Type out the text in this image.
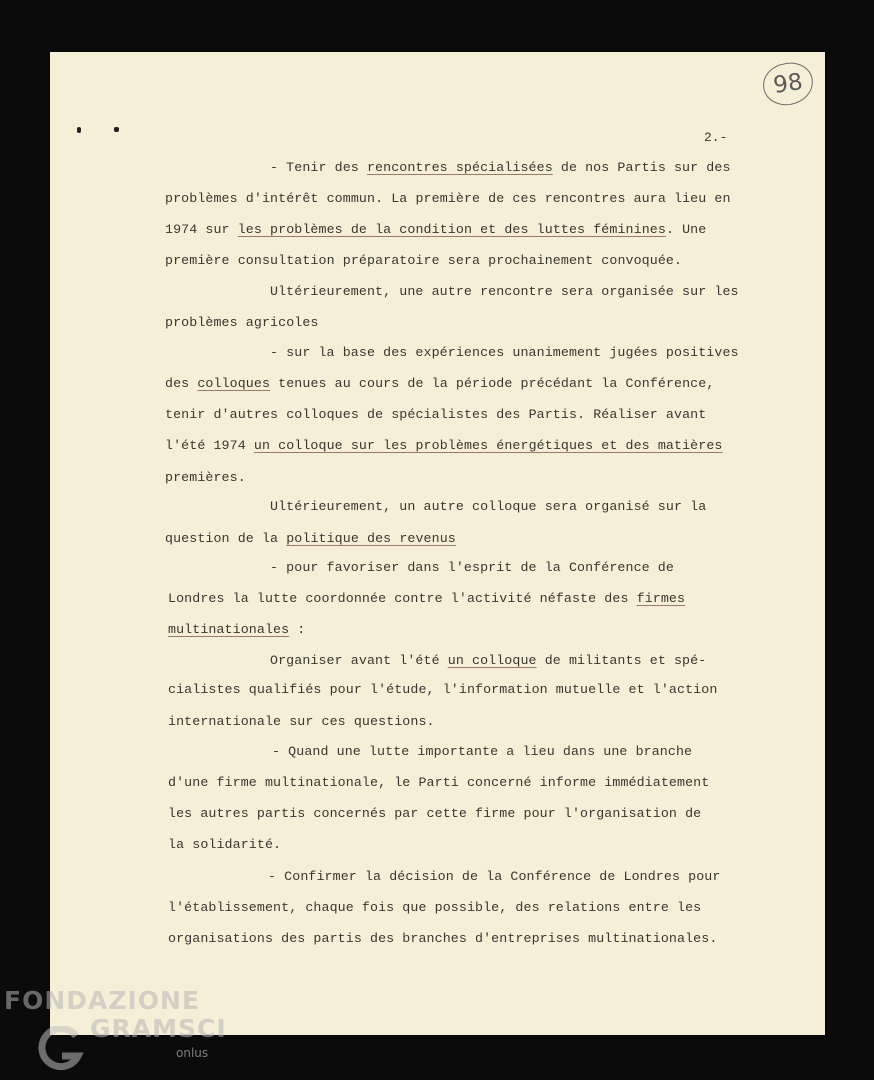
98
2.-
- Tenir des rencontres spécialisées de nos Partis sur des
problèmes d'intérêt commun. La première de ces rencontres aura lieu en
1974 sur les problèmes de la condition et des luttes féminines. Une
première consultation préparatoire sera prochainement convoquée.
Ultérieurement, une autre rencontre sera organisée sur les
problèmes agricoles
- sur la base des expériences unanimement jugées positives
des colloques tenues au cours de la période précédant la Conférence,
tenir d'autres colloques de spécialistes des Partis. Réaliser avant
l'été 1974 un colloque sur les problèmes énergétiques et des matières
premières.
Ultérieurement, un autre colloque sera organisé sur la
question de la politique des revenus
- pour favoriser dans l'esprit de la Conférence de
Londres la lutte coordonnée contre l'activité néfaste des firmes
multinationales :
Organiser avant l'été un colloque de militants et spé-
cialistes qualifiés pour l'étude, l'information mutuelle et l'action
internationale sur ces questions.
- Quand une lutte importante a lieu dans une branche
d'une firme multinationale, le Parti concerné informe immédiatement
les autres partis concernés par cette firme pour l'organisation de
la solidarité.
- Confirmer la décision de la Conférence de Londres pour
l'établissement, chaque fois que possible, des relations entre les
organisations des partis des branches d'entreprises multinationales.
FONDAZIONE
GRAMSCI
onlus
